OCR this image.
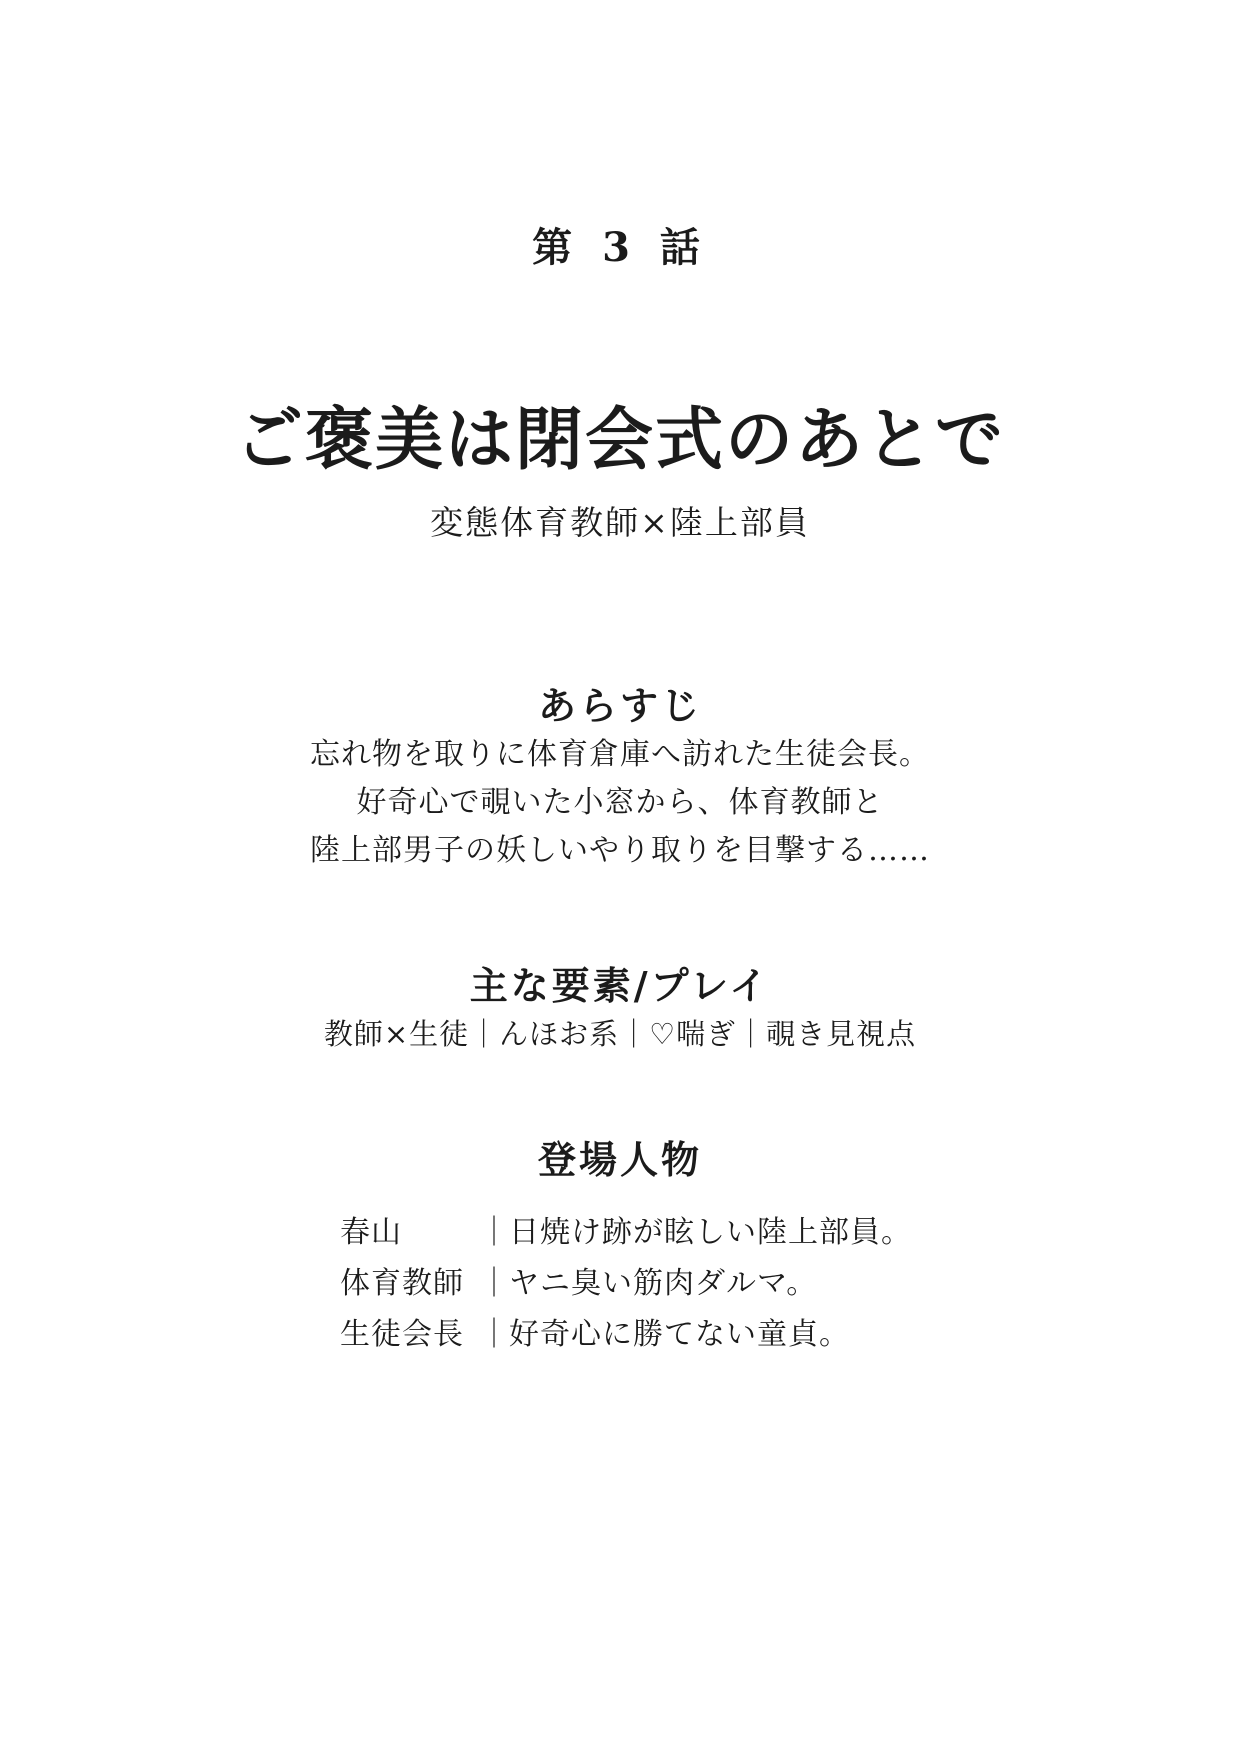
第 3 話
ご褒美は閉会式のあとで
変態体育教師×陸上部員
あらすじ
忘れ物を取りに体育倉庫へ訪れた生徒会長。
好奇心で覗いた小窓から、体育教師と
陸上部男子の妖しいやり取りを目撃する……
主な要素/プレイ
教師×生徒｜んほお系｜♡喘ぎ｜覗き見視点
登場人物
春山	｜日焼け跡が眩しい陸上部員。
体育教師 ｜ヤニ臭い筋肉ダルマ。
生徒会長 ｜好奇心に勝てない童貞。
